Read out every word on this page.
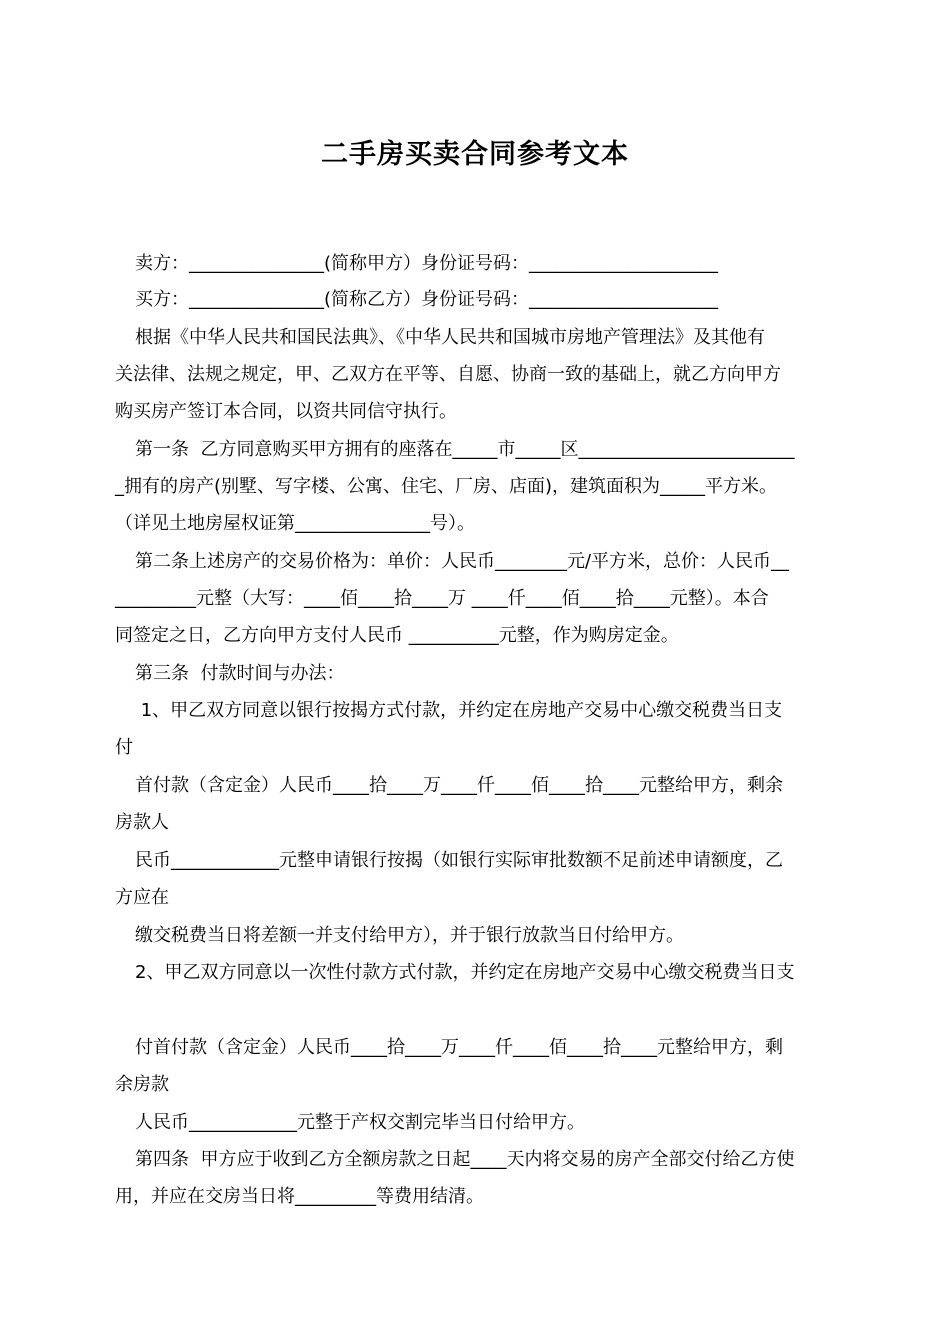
二手房买卖合同参考文本
卖方：_______________(简称甲方）身份证号码：_____________________
买方：_______________(简称乙方）身份证号码：_____________________
根据《中华人民共和国民法典》、《中华人民共和国城市房地产管理法》及其他有
关法律、法规之规定，甲、乙双方在平等、自愿、协商一致的基础上，就乙方向甲方
购买房产签订本合同，以资共同信守执行。
第一条  乙方同意购买甲方拥有的座落在_____市_____区________________________
_拥有的房产(别墅、写字楼、公寓、住宅、厂房、店面)，建筑面积为_____平方米。
（详见土地房屋权证第_______________号）。
第二条上述房产的交易价格为：单价：人民币________元/平方米，总价：人民币__
_________元整（大写：____佰____拾____万 ____仟____佰____拾____元整）。本合
同签定之日，乙方向甲方支付人民币 __________元整，作为购房定金。
第三条  付款时间与办法：
1、甲乙双方同意以银行按揭方式付款，并约定在房地产交易中心缴交税费当日支
付
首付款（含定金）人民币____拾____万____仟____佰____拾____元整给甲方，剩余
房款人
民币____________元整申请银行按揭（如银行实际审批数额不足前述申请额度，乙
方应在
缴交税费当日将差额一并支付给甲方），并于银行放款当日付给甲方。
2、甲乙双方同意以一次性付款方式付款，并约定在房地产交易中心缴交税费当日支
付首付款（含定金）人民币____拾____万____仟____佰____拾____元整给甲方，剩
余房款
人民币____________元整于产权交割完毕当日付给甲方。
第四条  甲方应于收到乙方全额房款之日起____天内将交易的房产全部交付给乙方使
用，并应在交房当日将_________等费用结清。
